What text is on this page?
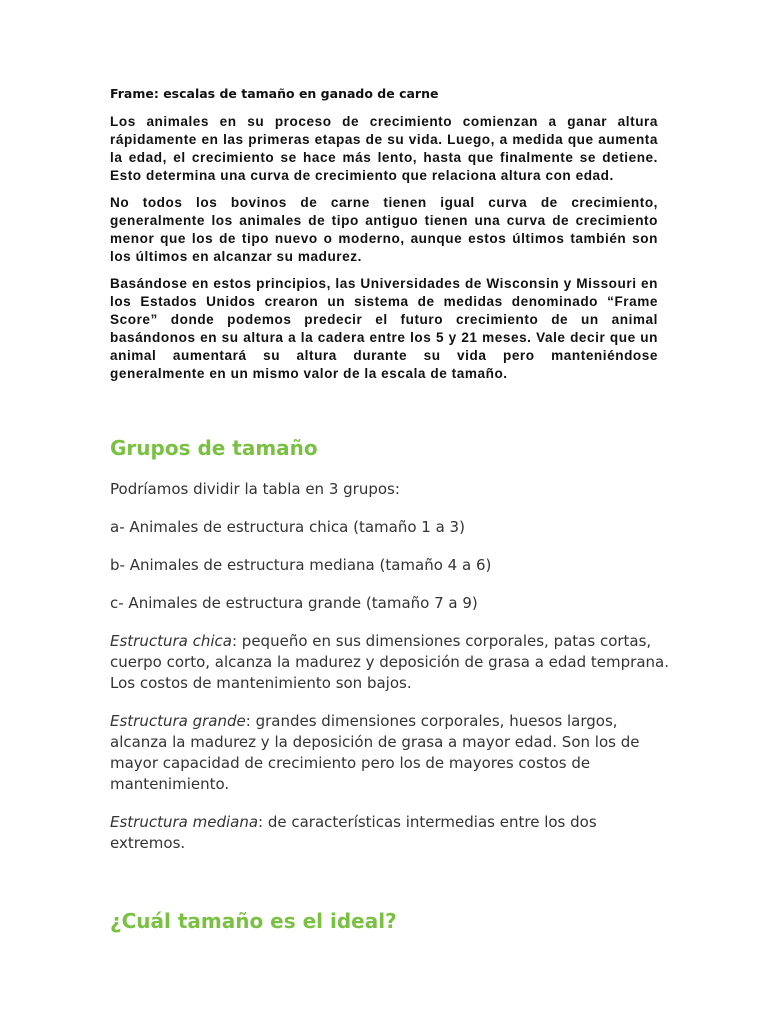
Frame: escalas de tamaño en ganado de carne

Los animales en su proceso de crecimiento comienzan a ganar altura rápidamente en las primeras etapas de su vida. Luego, a medida que aumenta la edad, el crecimiento se hace más lento, hasta que finalmente se detiene. Esto determina una curva de crecimiento que relaciona altura con edad.

No todos los bovinos de carne tienen igual curva de crecimiento, generalmente los animales de tipo antiguo tienen una curva de crecimiento menor que los de tipo nuevo o moderno, aunque estos últimos también son los últimos en alcanzar su madurez.

Basándose en estos principios, las Universidades de Wisconsin y Missouri en los Estados Unidos crearon un sistema de medidas denominado “Frame Score” donde podemos predecir el futuro crecimiento de un animal basándonos en su altura a la cadera entre los 5 y 21 meses. Vale decir que un animal aumentará su altura durante su vida pero manteniéndose generalmente en un mismo valor de la escala de tamaño.

Grupos de tamaño

Podríamos dividir la tabla en 3 grupos:

a- Animales de estructura chica (tamaño 1 a 3)

b- Animales de estructura mediana (tamaño 4 a 6)

c- Animales de estructura grande (tamaño 7 a 9)

Estructura chica: pequeño en sus dimensiones corporales, patas cortas, cuerpo corto, alcanza la madurez y deposición de grasa a edad temprana. Los costos de mantenimiento son bajos.

Estructura grande: grandes dimensiones corporales, huesos largos, alcanza la madurez y la deposición de grasa a mayor edad. Son los de mayor capacidad de crecimiento pero los de mayores costos de mantenimiento.

Estructura mediana: de características intermedias entre los dos extremos.

¿Cuál tamaño es el ideal?
